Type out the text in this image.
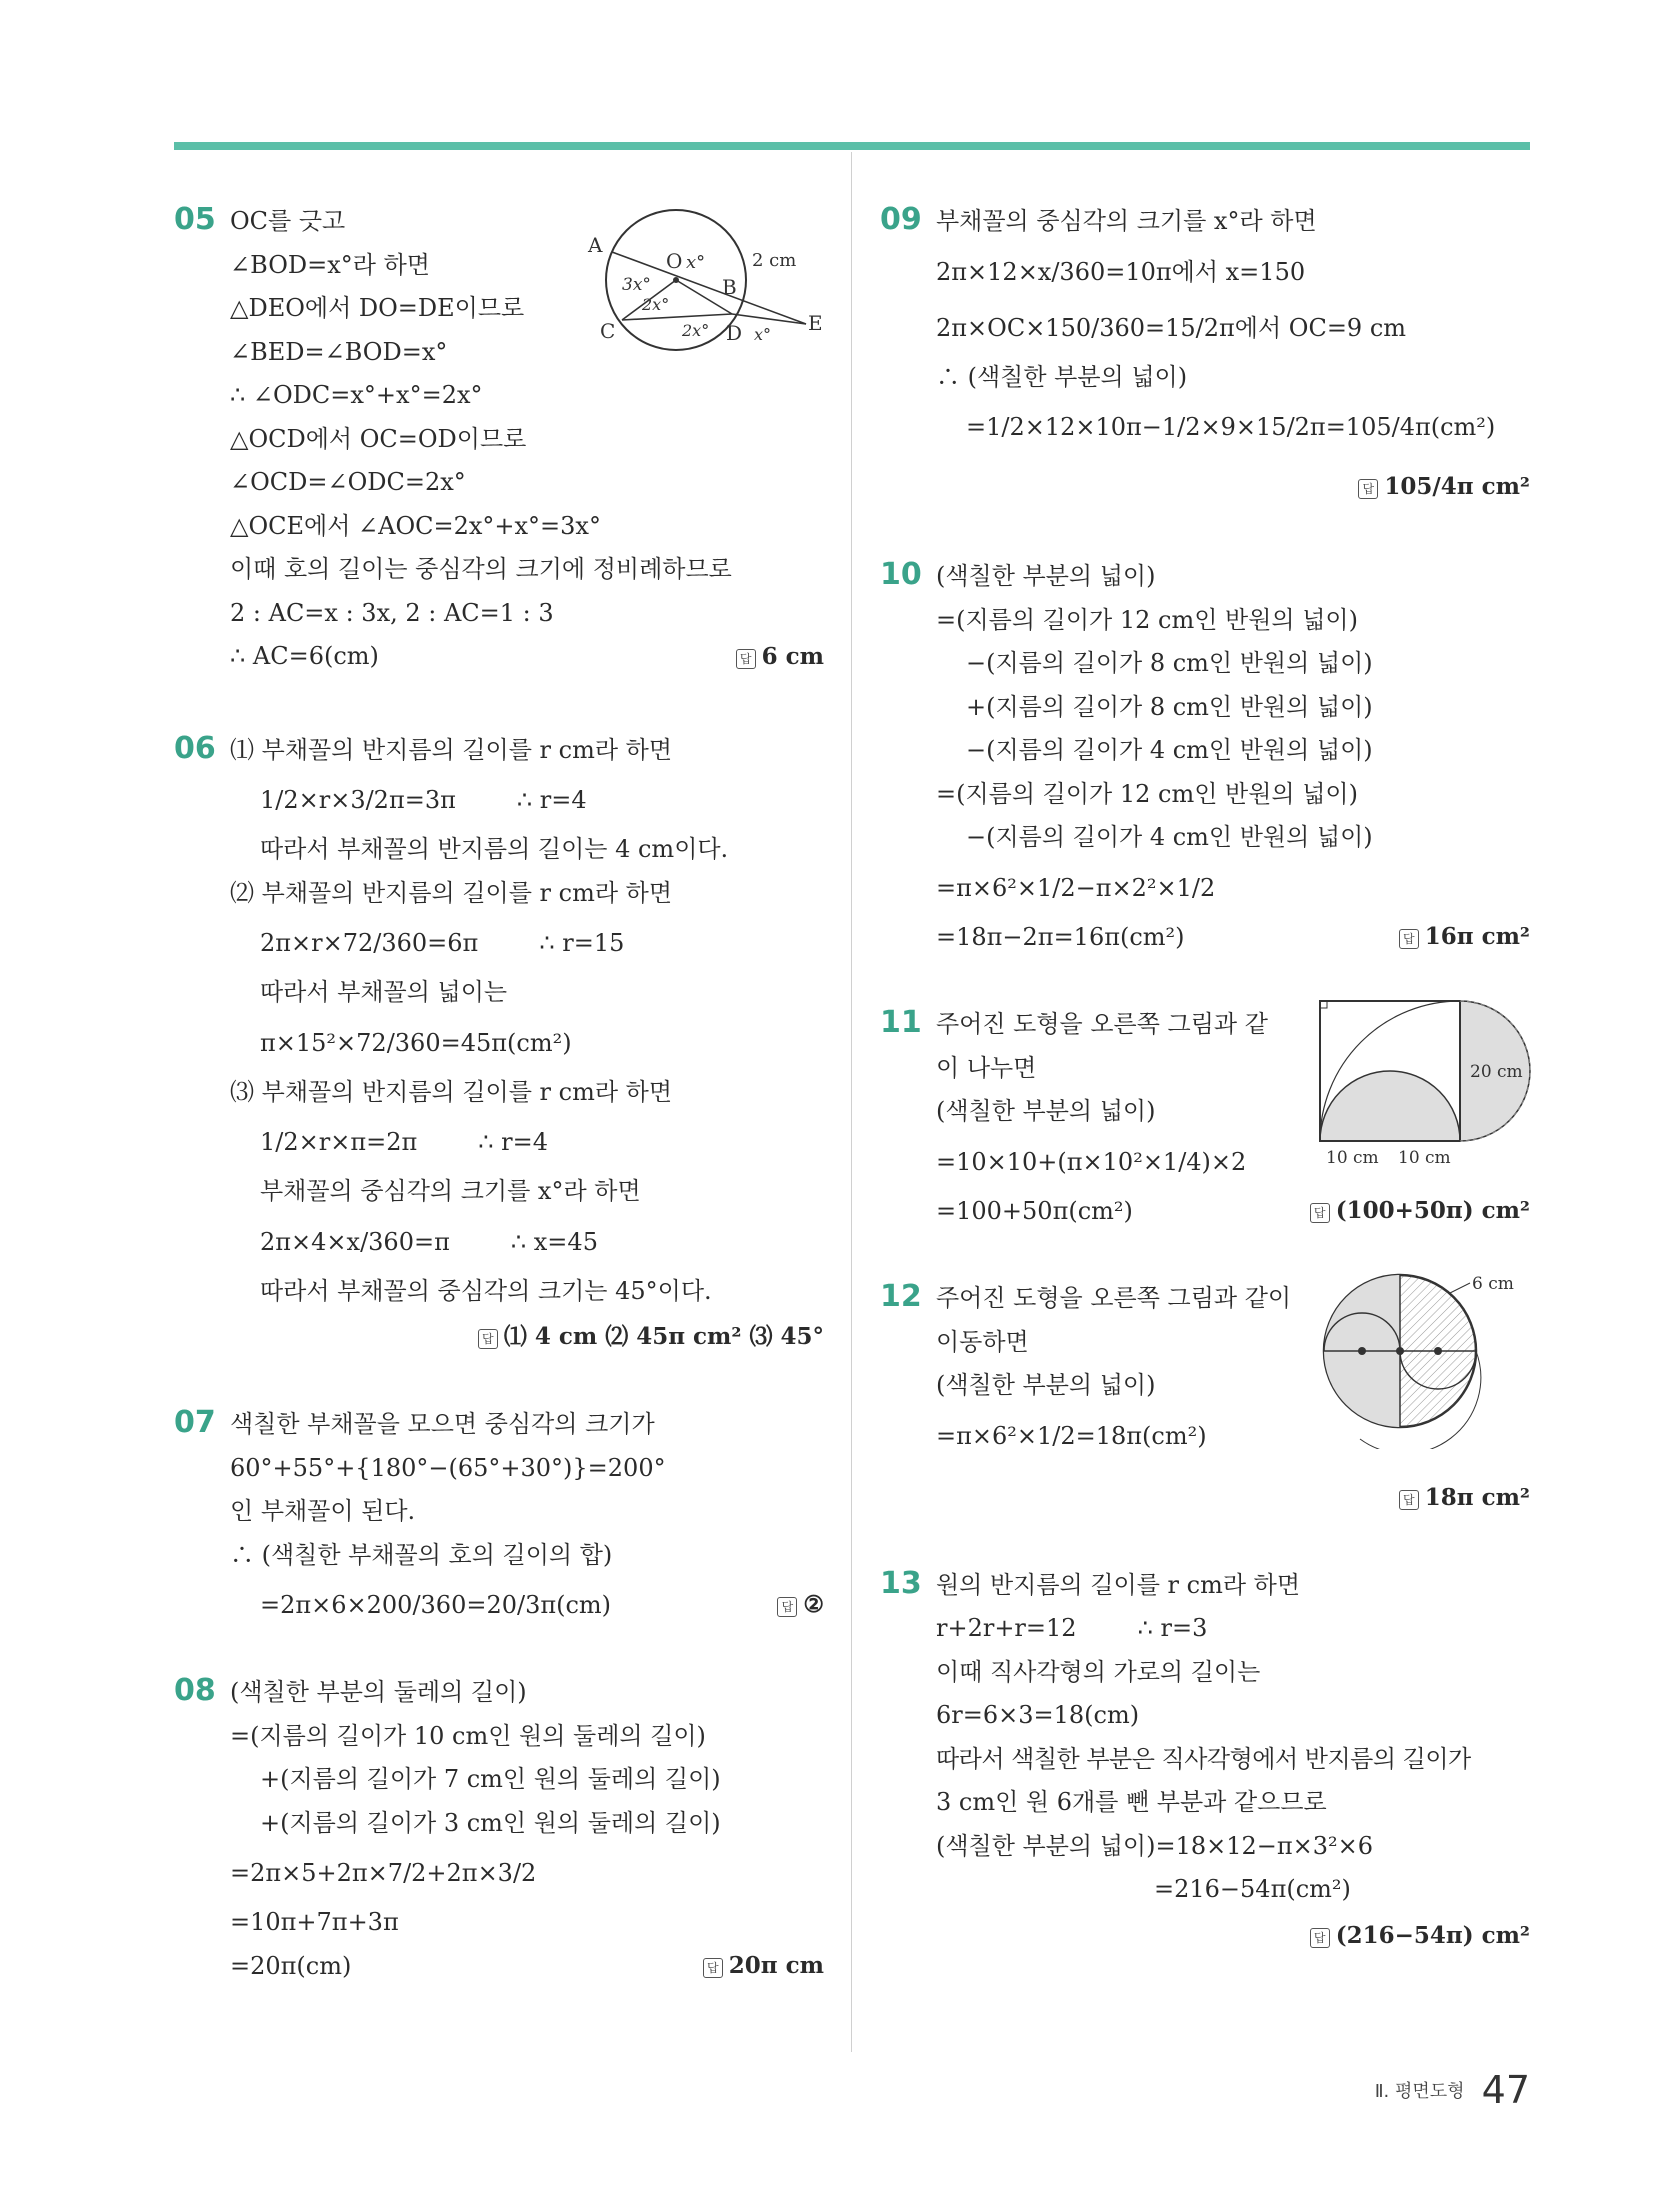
05 OC를 긋고
∠BOD=x°라 하면
△DEO에서 DO=DE이므로
∠BED=∠BOD=x°
∴ ∠ODC=x°+x°=2x°
△OCD에서 OC=OD이므로
∠OCD=∠ODC=2x°
△OCE에서 ∠AOC=2x°+x°=3x°
이때 호의 길이는 중심각의 크기에 정비례하므로
2 : AC=x : 3x, 2 : AC=1 : 3
∴ AC=6(cm)	답 6 cm
A
O x°
B
2 cm
3x°
2x°
2x°
C	D x° E
06 ⑴ 부채꼴의 반지름의 길이를 r cm라 하면
1/2×r×3/2π=3π        ∴ r=4
따라서 부채꼴의 반지름의 길이는 4 cm이다.
⑵ 부채꼴의 반지름의 길이를 r cm라 하면
2π×r×72/360=6π        ∴ r=15
따라서 부채꼴의 넓이는
π×15²×72/360=45π(cm²)
⑶ 부채꼴의 반지름의 길이를 r cm라 하면
1/2×r×π=2π        ∴ r=4
부채꼴의 중심각의 크기를 x°라 하면
2π×4×x/360=π        ∴ x=45
따라서 부채꼴의 중심각의 크기는 45°이다.
답 ⑴ 4 cm ⑵ 45π cm² ⑶ 45°
07 색칠한 부채꼴을 모으면 중심각의 크기가
60°+55°+{180°−(65°+30°)}=200°
인 부채꼴이 된다.
∴ (색칠한 부채꼴의 호의 길이의 합)
=2π×6×200/360=20/3π(cm)	답 ②
08 (색칠한 부분의 둘레의 길이)
=(지름의 길이가 10 cm인 원의 둘레의 길이)
+(지름의 길이가 7 cm인 원의 둘레의 길이)
+(지름의 길이가 3 cm인 원의 둘레의 길이)
=2π×5+2π×7/2+2π×3/2
=10π+7π+3π
=20π(cm)	답 20π cm
09 부채꼴의 중심각의 크기를 x°라 하면
2π×12×x/360=10π에서 x=150
2π×OC×150/360=15/2π에서 OC=9 cm
∴ (색칠한 부분의 넓이)
=1/2×12×10π−1/2×9×15/2π=105/4π(cm²)
답 105/4π cm²
10 (색칠한 부분의 넓이)
=(지름의 길이가 12 cm인 반원의 넓이)
−(지름의 길이가 8 cm인 반원의 넓이)
+(지름의 길이가 8 cm인 반원의 넓이)
−(지름의 길이가 4 cm인 반원의 넓이)
=(지름의 길이가 12 cm인 반원의 넓이)
−(지름의 길이가 4 cm인 반원의 넓이)
=π×6²×1/2−π×2²×1/2
=18π−2π=16π(cm²)	답 16π cm²
11 주어진 도형을 오른쪽 그림과 같
이 나누면
(색칠한 부분의 넓이)
=10×10+(π×10²×1/4)×2
=100+50π(cm²)	답 (100+50π) cm²
20 cm
10 cm 10 cm
12 주어진 도형을 오른쪽 그림과 같이
이동하면
(색칠한 부분의 넓이)
=π×6²×1/2=18π(cm²)
답 18π cm²
6 cm
13 원의 반지름의 길이를 r cm라 하면
r+2r+r=12        ∴ r=3
이때 직사각형의 가로의 길이는
6r=6×3=18(cm)
따라서 색칠한 부분은 직사각형에서 반지름의 길이가
3 cm인 원 6개를 뺀 부분과 같으므로
(색칠한 부분의 넓이)=18×12−π×3²×6
=216−54π(cm²)
답 (216−54π) cm²
Ⅱ. 평면도형 47
